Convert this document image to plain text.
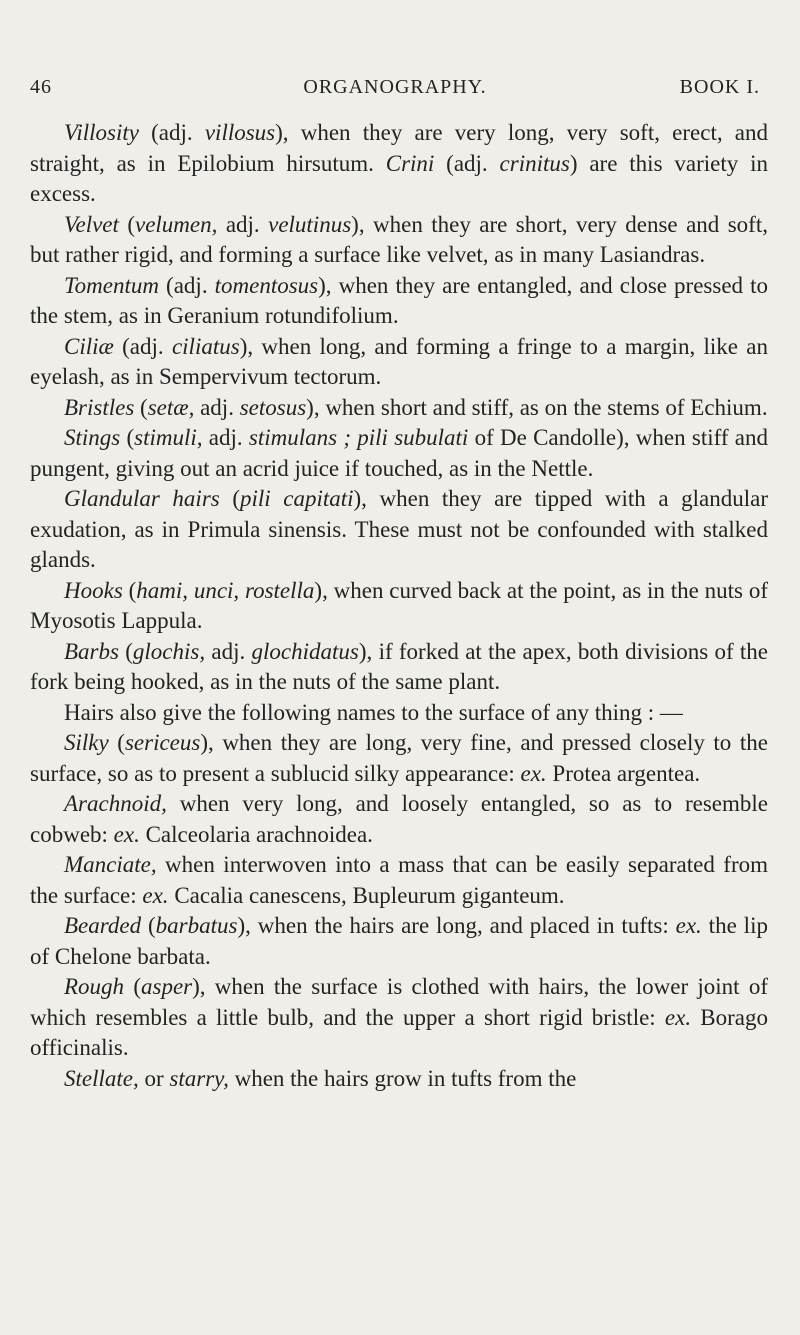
46	ORGANOGRAPHY.	BOOK I.

Villosity (adj. villosus), when they are very long, very soft, erect, and straight, as in Epilobium hirsutum. Crini (adj. crinitus) are this variety in excess.

Velvet (velumen, adj. velutinus), when they are short, very dense and soft, but rather rigid, and forming a surface like velvet, as in many Lasiandras.

Tomentum (adj. tomentosus), when they are entangled, and close pressed to the stem, as in Geranium rotundifolium.

Ciliæ (adj. ciliatus), when long, and forming a fringe to a margin, like an eyelash, as in Sempervivum tectorum.

Bristles (setæ, adj. setosus), when short and stiff, as on the stems of Echium.

Stings (stimuli, adj. stimulans ; pili subulati of De Candolle), when stiff and pungent, giving out an acrid juice if touched, as in the Nettle.

Glandular hairs (pili capitati), when they are tipped with a glandular exudation, as in Primula sinensis. These must not be confounded with stalked glands.

Hooks (hami, unci, rostella), when curved back at the point, as in the nuts of Myosotis Lappula.

Barbs (glochis, adj. glochidatus), if forked at the apex, both divisions of the fork being hooked, as in the nuts of the same plant.

Hairs also give the following names to the surface of any thing : —

Silky (sericeus), when they are long, very fine, and pressed closely to the surface, so as to present a sublucid silky appearance: ex. Protea argentea.

Arachnoid, when very long, and loosely entangled, so as to resemble cobweb: ex. Calceolaria arachnoidea.

Manciate, when interwoven into a mass that can be easily separated from the surface: ex. Cacalia canescens, Bupleurum giganteum.

Bearded (barbatus), when the hairs are long, and placed in tufts: ex. the lip of Chelone barbata.

Rough (asper), when the surface is clothed with hairs, the lower joint of which resembles a little bulb, and the upper a short rigid bristle: ex. Borago officinalis.

Stellate, or starry, when the hairs grow in tufts from the
